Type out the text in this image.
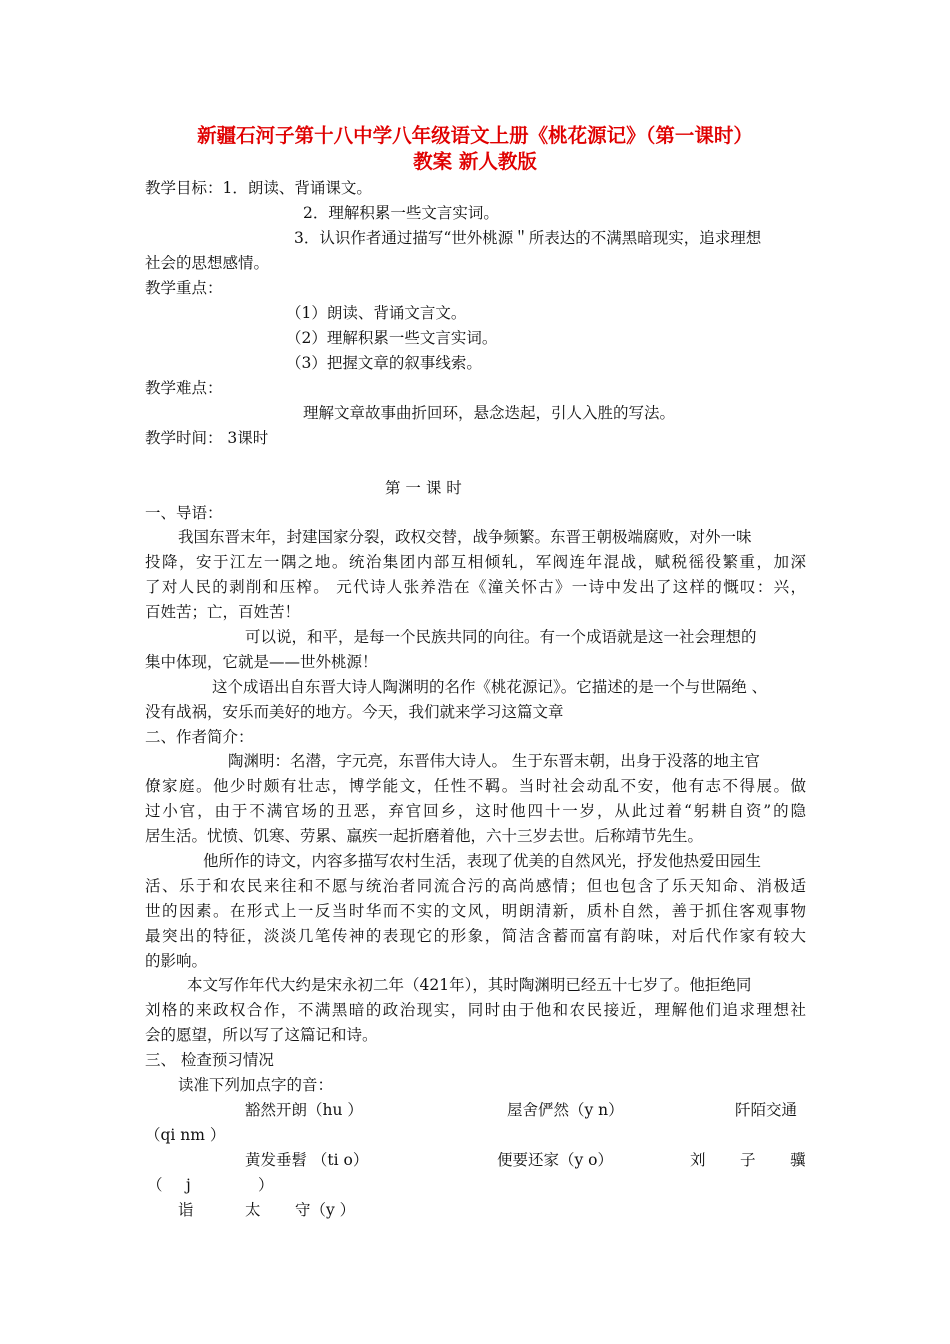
新疆石河子第十八中学八年级语文上册《桃花源记》（第一课时）
教案 新人教版
教学目标：1．朗读、背诵课文。
2．理解积累一些文言实词。
3．认识作者通过描写“世外桃源＂所表达的不满黑暗现实，追求理想
社会的思想感情。
教学重点：
（1）朗读、背诵文言文。
（2）理解积累一些文言实词。
（3）把握文章的叙事线索。
教学难点：
理解文章故事曲折回环，悬念迭起，引人入胜的写法。
教学时间： 3课时
第 一 课 时
一、导语：
我国东晋末年，封建国家分裂，政权交替，战争频繁。东晋王朝极端腐败，对外一味
投降，安于江左一隅之地。统治集团内部互相倾轧，军阀连年混战，赋税徭役繁重，加深
了对人民的剥削和压榨。 元代诗人张养浩在《潼关怀古》一诗中发出了这样的慨叹：兴，
百姓苦；亡，百姓苦！
可以说，和平，是每一个民族共同的向往。有一个成语就是这一社会理想的
集中体现，它就是——世外桃源！
这个成语出自东晋大诗人陶渊明的名作《桃花源记》。它描述的是一个与世隔绝 、
没有战祸，安乐而美好的地方。今天，我们就来学习这篇文章
二、作者简介：
陶渊明：名潜，字元亮，东晋伟大诗人。 生于东晋末朝，出身于没落的地主官
僚家庭。他少时颇有壮志，博学能文，任性不羁。当时社会动乱不安，他有志不得展。做
过小官，由于不满官场的丑恶，弃官回乡，这时他四十一岁，从此过着“躬耕自资”的隐
居生活。忧愤、饥寒、劳累、羸疾一起折磨着他，六十三岁去世。后称靖节先生。
他所作的诗文，内容多描写农村生活，表现了优美的自然风光，抒发他热爱田园生
活、乐于和农民来往和不愿与统治者同流合污的高尚感情；但也包含了乐天知命、消极适
世的因素。在形式上一反当时华而不实的文风，明朗清新，质朴自然，善于抓住客观事物
最突出的特征，淡淡几笔传神的表现它的形象，简洁含蓄而富有韵味，对后代作家有较大
的影响。
本文写作年代大约是宋永初二年（421年），其时陶渊明已经五十七岁了。他拒绝同
刘格的来政权合作，不满黑暗的政治现实，同时由于他和农民接近，理解他们追求理想社
会的愿望，所以写了这篇记和诗。
三、 检查预习情况
读准下列加点字的音：
豁然开朗（hu ）	屋舍俨然（y n）	阡陌交通
（qi nm ）
黄发垂髫 （ti o）	便要还家（y o）	刘 子 骥
（ j	）
诣	太 守（y ）
